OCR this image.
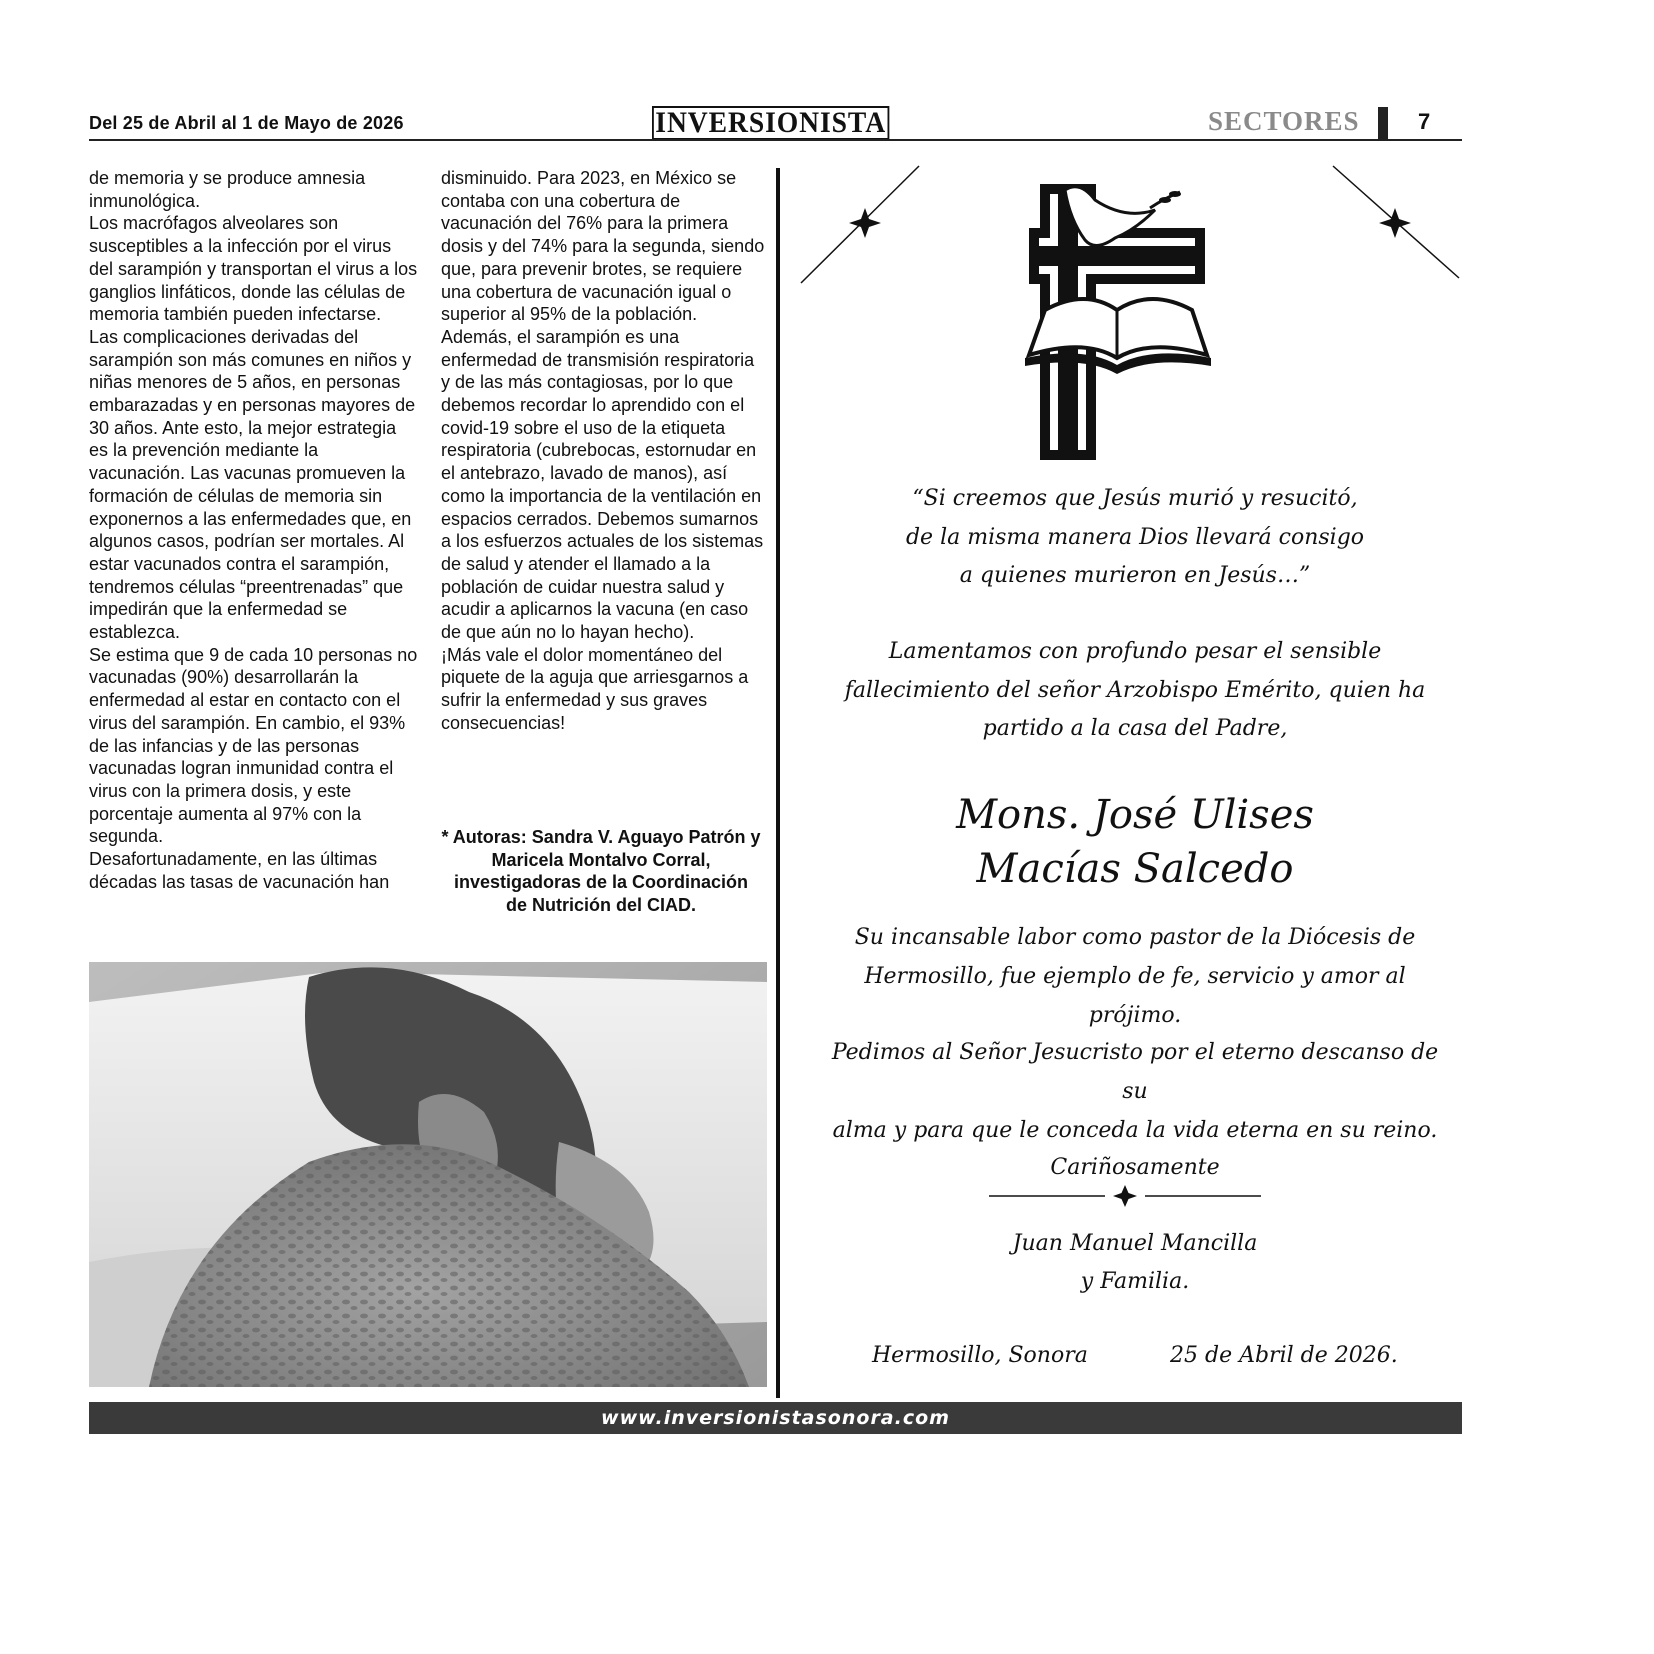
Del 25 de Abril al 1 de Mayo de 2026	INVERSIONISTA	SECTORES	7

de memoria y se produce amnesia inmunológica.

Los macrófagos alveolares son susceptibles a la infección por el virus del sarampión y transportan el virus a los ganglios linfáticos, donde las células de memoria también pueden infectarse.

Las complicaciones derivadas del sarampión son más comunes en niños y niñas menores de 5 años, en personas embarazadas y en personas mayores de 30 años. Ante esto, la mejor estrategia es la prevención mediante la vacunación. Las vacunas promueven la formación de células de memoria sin exponernos a las enfermedades que, en algunos casos, podrían ser mortales. Al estar vacunados contra el sarampión, tendremos células “preentrenadas” que impedirán que la enfermedad se establezca.

Se estima que 9 de cada 10 personas no vacunadas (90%) desarrollarán la enfermedad al estar en contacto con el virus del sarampión. En cambio, el 93% de las infancias y de las personas vacunadas logran inmunidad contra el virus con la primera dosis, y este porcentaje aumenta al 97% con la segunda.

Desafortunadamente, en las últimas décadas las tasas de vacunación han

disminuido. Para 2023, en México se contaba con una cobertura de vacunación del 76% para la primera dosis y del 74% para la segunda, siendo que, para prevenir brotes, se requiere una cobertura de vacunación igual o superior al 95% de la población.

Además, el sarampión es una enfermedad de transmisión respiratoria y de las más contagiosas, por lo que debemos recordar lo aprendido con el covid-19 sobre el uso de la etiqueta respiratoria (cubrebocas, estornudar en el antebrazo, lavado de manos), así como la importancia de la ventilación en espacios cerrados. Debemos sumarnos a los esfuerzos actuales de los sistemas de salud y atender el llamado a la población de cuidar nuestra salud y acudir a aplicarnos la vacuna (en caso de que aún no lo hayan hecho).

¡Más vale el dolor momentáneo del piquete de la aguja que arriesgarnos a sufrir la enfermedad y sus graves consecuencias!

* Autoras: Sandra V. Aguayo Patrón y Maricela Montalvo Corral, investigadoras de la Coordinación de Nutrición del CIAD.
“Si creemos que Jesús murió y resucitó,
de la misma manera Dios llevará consigo
a quienes murieron en Jesús…”
Lamentamos con profundo pesar el sensible
fallecimiento del señor Arzobispo Emérito, quien ha
partido a la casa del Padre,
Mons. José Ulises
Macías Salcedo
Su incansable labor como pastor de la Diócesis de
Hermosillo, fue ejemplo de fe, servicio y amor al prójimo.
Pedimos al Señor Jesucristo por el eterno descanso de su
alma y para que le conceda la vida eterna en su reino.
Cariñosamente
Juan Manuel Mancilla
y Familia.
Hermosillo, Sonora	25 de Abril de 2026.
www.inversionistasonora.com
